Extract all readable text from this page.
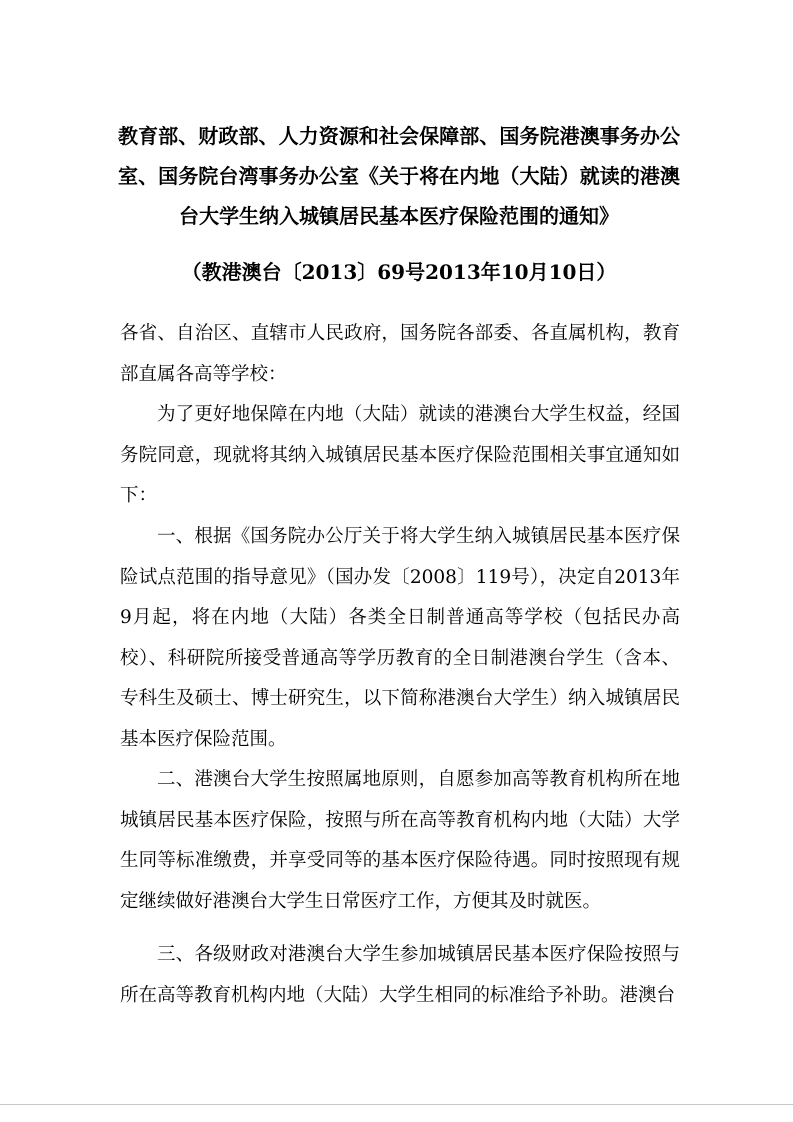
教育部、财政部、人力资源和社会保障部、国务院港澳事务办公室、国务院台湾事务办公室《关于将在内地（大陆）就读的港澳台大学生纳入城镇居民基本医疗保险范围的通知》
（教港澳台〔2013〕69号2013年10月10日）

各省、自治区、直辖市人民政府，国务院各部委、各直属机构，教育部直属各高等学校：

为了更好地保障在内地（大陆）就读的港澳台大学生权益，经国务院同意，现就将其纳入城镇居民基本医疗保险范围相关事宜通知如下：

一、根据《国务院办公厅关于将大学生纳入城镇居民基本医疗保险试点范围的指导意见》（国办发〔2008〕119号），决定自2013年9月起，将在内地（大陆）各类全日制普通高等学校（包括民办高校）、科研院所接受普通高等学历教育的全日制港澳台学生（含本、专科生及硕士、博士研究生，以下简称港澳台大学生）纳入城镇居民基本医疗保险范围。

二、港澳台大学生按照属地原则，自愿参加高等教育机构所在地城镇居民基本医疗保险，按照与所在高等教育机构内地（大陆）大学生同等标准缴费，并享受同等的基本医疗保险待遇。同时按照现有规定继续做好港澳台大学生日常医疗工作，方便其及时就医。

三、各级财政对港澳台大学生参加城镇居民基本医疗保险按照与所在高等教育机构内地（大陆）大学生相同的标准给予补助。港澳台
